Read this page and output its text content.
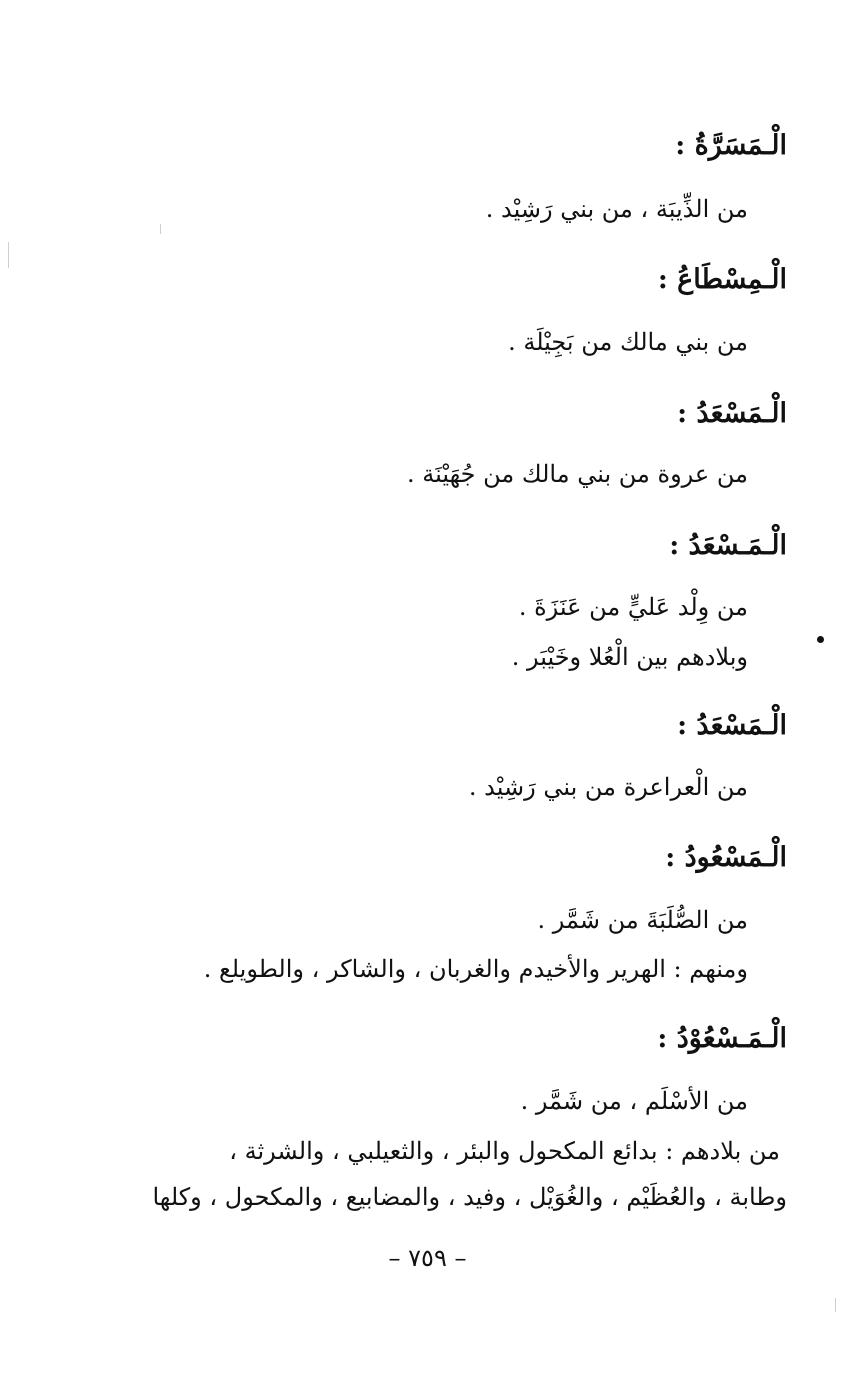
الْـمَسَرَّةُ :
من الذِّيبَة ، من بني رَشِيْد .
الْـمِسْطَاعُ :
من بني مالك من بَجِيْلَة .
الْـمَسْعَدُ :
من عروة من بني مالك من جُهَيْنَة .
الْـمَـسْعَدُ :
من وِلْد عَليٍّ من عَنَزَةَ .
وبلادهم بين الْعُلا وخَيْبَر .
الْـمَسْعَدُ :
من الْعراعرة من بني رَشِيْد .
الْـمَسْعُودُ :
من الصُّلَبَةَ من شَمَّر .
ومنهم : الهرير والأخيدم والغربان ، والشاكر ، والطويلع .
الْـمَـسْعُوْدُ :
من الأسْلَم ، من شَمَّر .
من بلادهم : بدائع المكحول والبئر ، والثعيلبي ، والشرثة ،
وطابة ، والعُظَيْم ، والغُوَيْل ، وفيد ، والمضابيع ، والمكحول ، وكلها
– ٧٥٩ –
